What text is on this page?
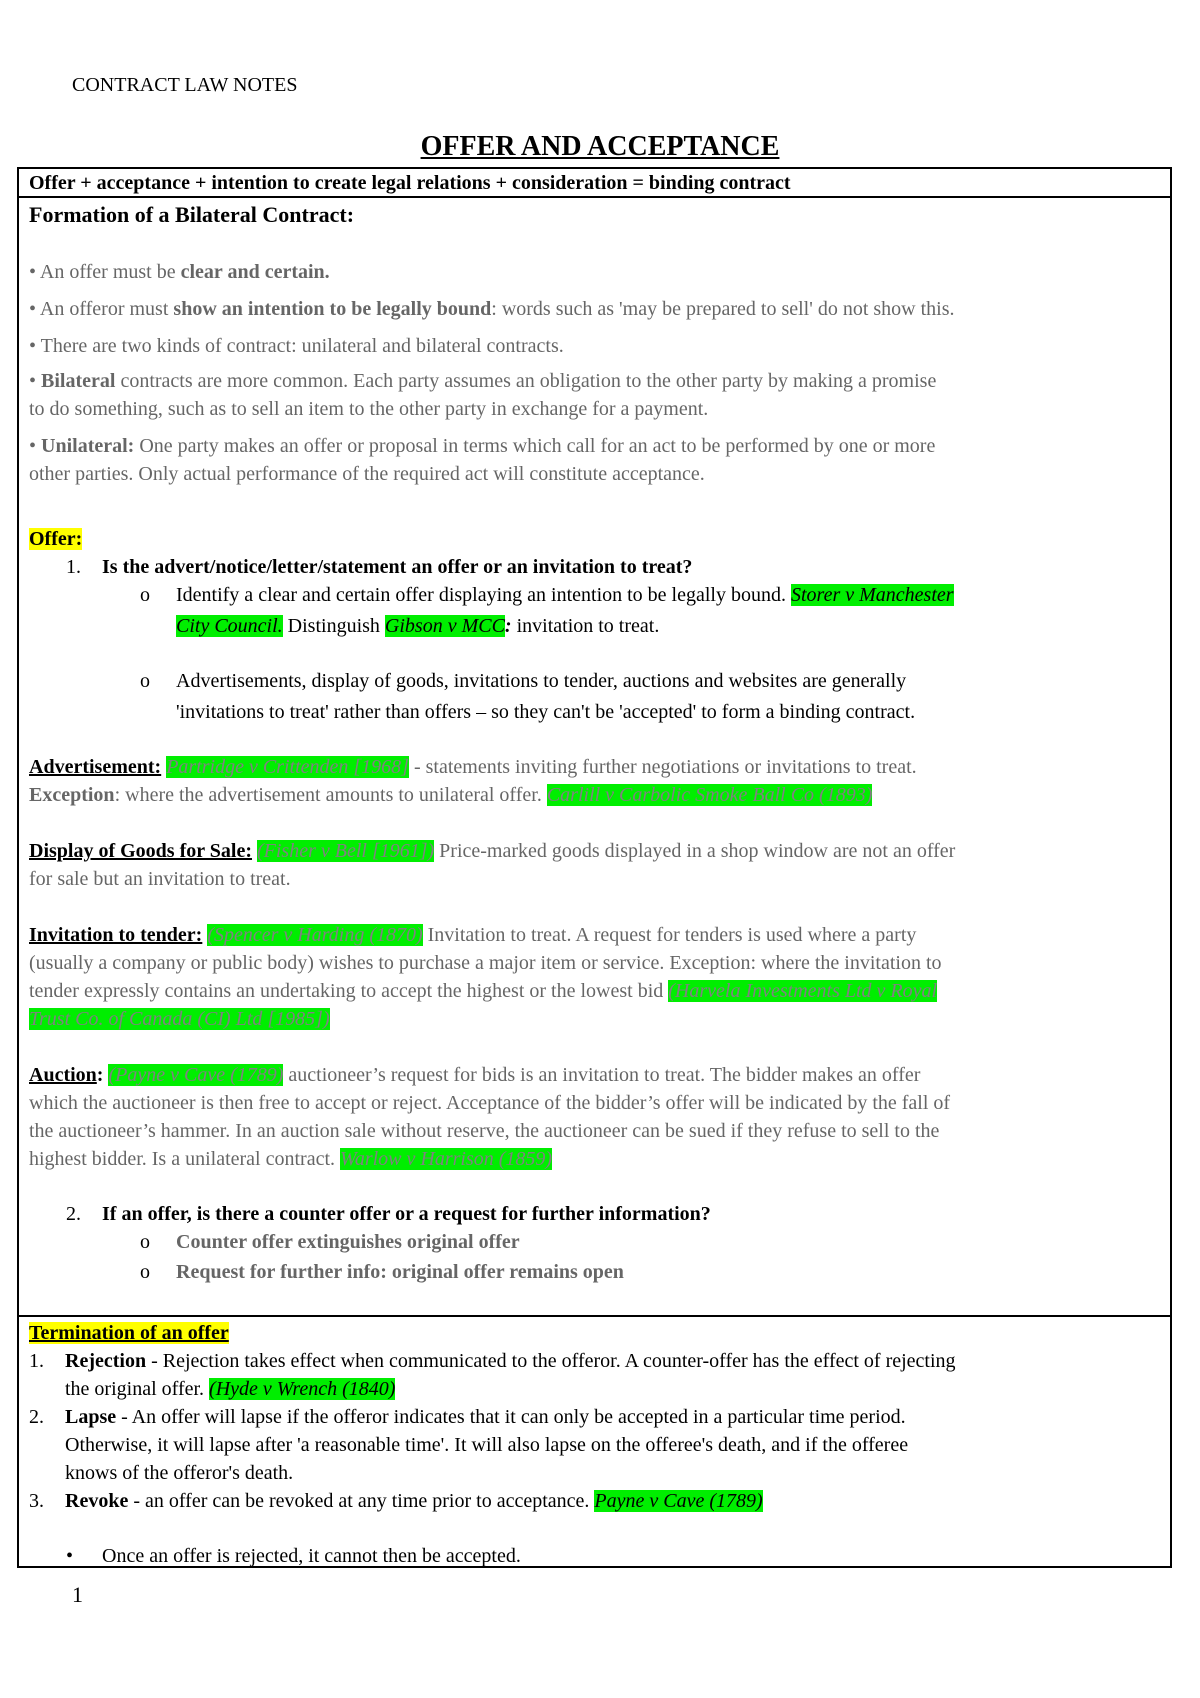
CONTRACT LAW NOTES
OFFER AND ACCEPTANCE
Offer + acceptance + intention to create legal relations + consideration = binding contract
Formation of a Bilateral Contract:
• An offer must be clear and certain.
• An offeror must show an intention to be legally bound: words such as 'may be prepared to sell' do not show this.
• There are two kinds of contract: unilateral and bilateral contracts.
• Bilateral contracts are more common. Each party assumes an obligation to the other party by making a promise
to do something, such as to sell an item to the other party in exchange for a payment.
• Unilateral: One party makes an offer or proposal in terms which call for an act to be performed by one or more
other parties. Only actual performance of the required act will constitute acceptance.
Offer:
1. Is the advert/notice/letter/statement an offer or an invitation to treat?
o Identify a clear and certain offer displaying an intention to be legally bound. Storer v Manchester
City Council. Distinguish Gibson v MCC: invitation to treat.
o Advertisements, display of goods, invitations to tender, auctions and websites are generally
'invitations to treat' rather than offers – so they can't be 'accepted' to form a binding contract.
Advertisement: Partridge v Crittenden [1968] - statements inviting further negotiations or invitations to treat.
Exception: where the advertisement amounts to unilateral offer. Carlill v Carbolic Smoke Ball Co (1893)
Display of Goods for Sale: (Fisher v Bell [1961]) Price-marked goods displayed in a shop window are not an offer
for sale but an invitation to treat.
Invitation to tender: (Spencer v Harding (1870) Invitation to treat. A request for tenders is used where a party
(usually a company or public body) wishes to purchase a major item or service. Exception: where the invitation to
tender expressly contains an undertaking to accept the highest or the lowest bid (Harvela Investments Ltd v Royal
Trust Co. of Canada (CI) Ltd [1985])
Auction: (Payne v Cave (1789) auctioneer’s request for bids is an invitation to treat. The bidder makes an offer
which the auctioneer is then free to accept or reject. Acceptance of the bidder’s offer will be indicated by the fall of
the auctioneer’s hammer. In an auction sale without reserve, the auctioneer can be sued if they refuse to sell to the
highest bidder. Is a unilateral contract. Warlow v Harrison (1859)
2. If an offer, is there a counter offer or a request for further information?
o Counter offer extinguishes original offer
o Request for further info: original offer remains open
Termination of an offer
1. Rejection - Rejection takes effect when communicated to the offeror. A counter-offer has the effect of rejecting
the original offer. (Hyde v Wrench (1840)
2. Lapse - An offer will lapse if the offeror indicates that it can only be accepted in a particular time period.
Otherwise, it will lapse after 'a reasonable time'. It will also lapse on the offeree's death, and if the offeree
knows of the offeror's death.
3. Revoke - an offer can be revoked at any time prior to acceptance. Payne v Cave (1789)
• Once an offer is rejected, it cannot then be accepted.
1
